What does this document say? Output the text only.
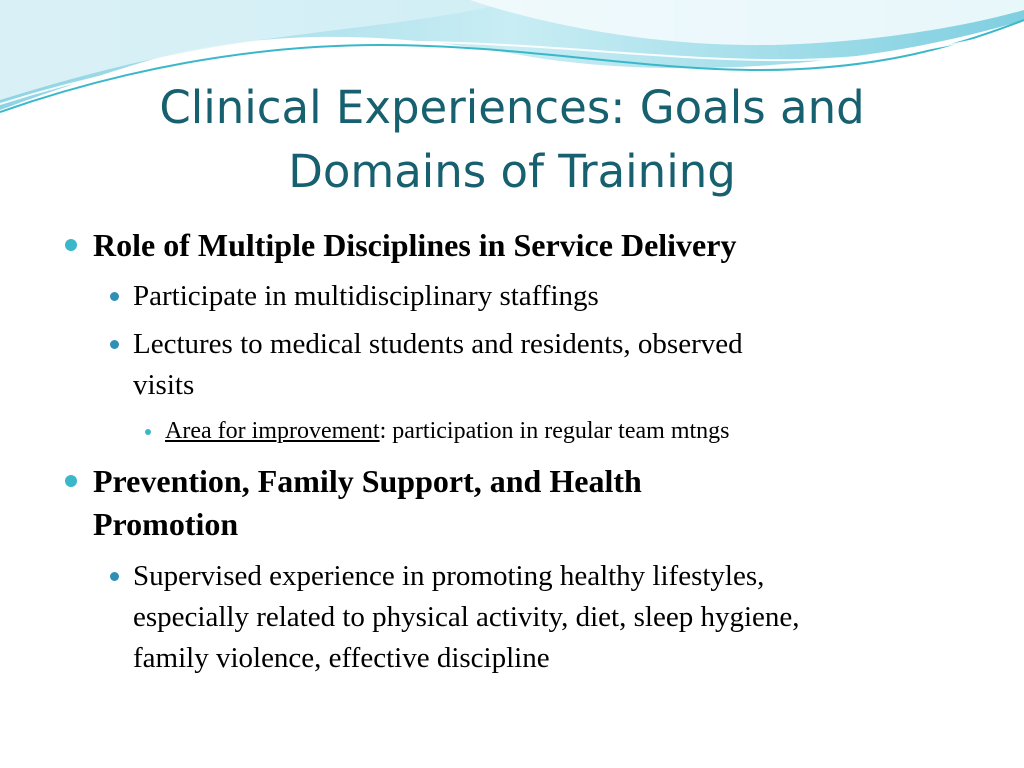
Clinical Experiences: Goals and
Domains of Training
Role of Multiple Disciplines in Service Delivery
Participate in multidisciplinary staffings
Lectures to medical students and residents, observed
visits
Area for improvement: participation in regular team mtngs
Prevention, Family Support, and Health
Promotion
Supervised experience in promoting healthy lifestyles,
especially related to physical activity, diet, sleep hygiene,
family violence, effective discipline
